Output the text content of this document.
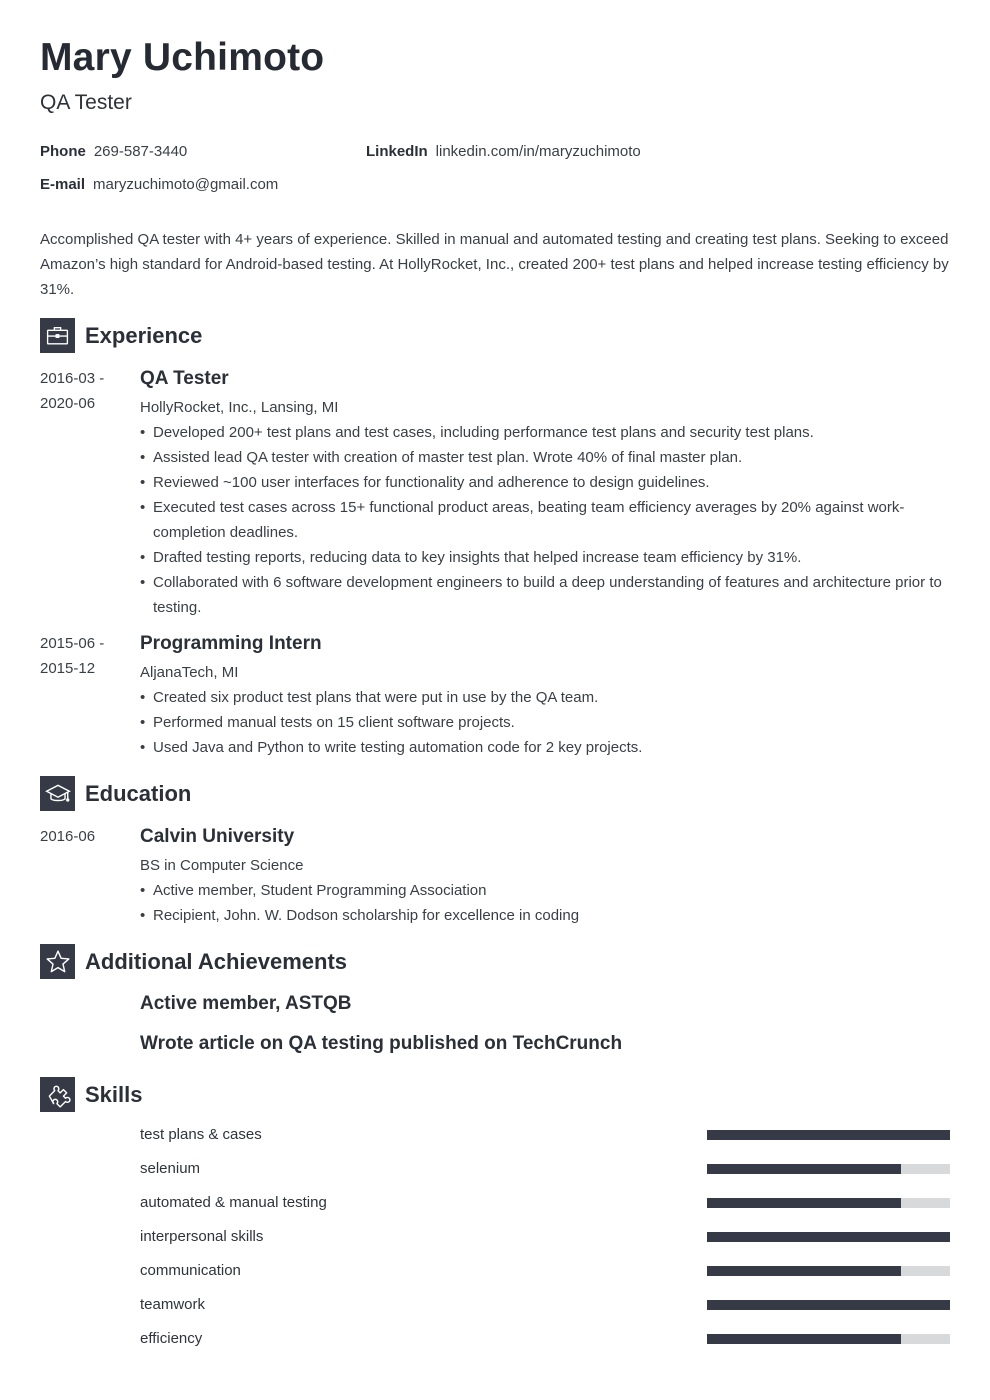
Mary Uchimoto
QA Tester
Phone 269-587-3440	LinkedIn linkedin.com/in/maryzuchimoto
E-mail maryzuchimoto@gmail.com
Accomplished QA tester with 4+ years of experience. Skilled in manual and automated testing and creating test plans. Seeking to exceed Amazon’s high standard for Android-based testing. At HollyRocket, Inc., created 200+ test plans and helped increase testing efficiency by 31%.
Experience
2016-03 -
2020-06
QA Tester
HollyRocket, Inc., Lansing, MI
• Developed 200+ test plans and test cases, including performance test plans and security test plans.
• Assisted lead QA tester with creation of master test plan. Wrote 40% of final master plan.
• Reviewed ~100 user interfaces for functionality and adherence to design guidelines.
• Executed test cases across 15+ functional product areas, beating team efficiency averages by 20% against work-completion deadlines.
• Drafted testing reports, reducing data to key insights that helped increase team efficiency by 31%.
• Collaborated with 6 software development engineers to build a deep understanding of features and architecture prior to testing.
2015-06 -
2015-12
Programming Intern
AljanaTech, MI
• Created six product test plans that were put in use by the QA team.
• Performed manual tests on 15 client software projects.
• Used Java and Python to write testing automation code for 2 key projects.
Education
2016-06	Calvin University
BS in Computer Science
• Active member, Student Programming Association
• Recipient, John. W. Dodson scholarship for excellence in coding
Additional Achievements
Active member, ASTQB
Wrote article on QA testing published on TechCrunch
Skills
test plans & cases
selenium
automated & manual testing
interpersonal skills
communication
teamwork
efficiency
